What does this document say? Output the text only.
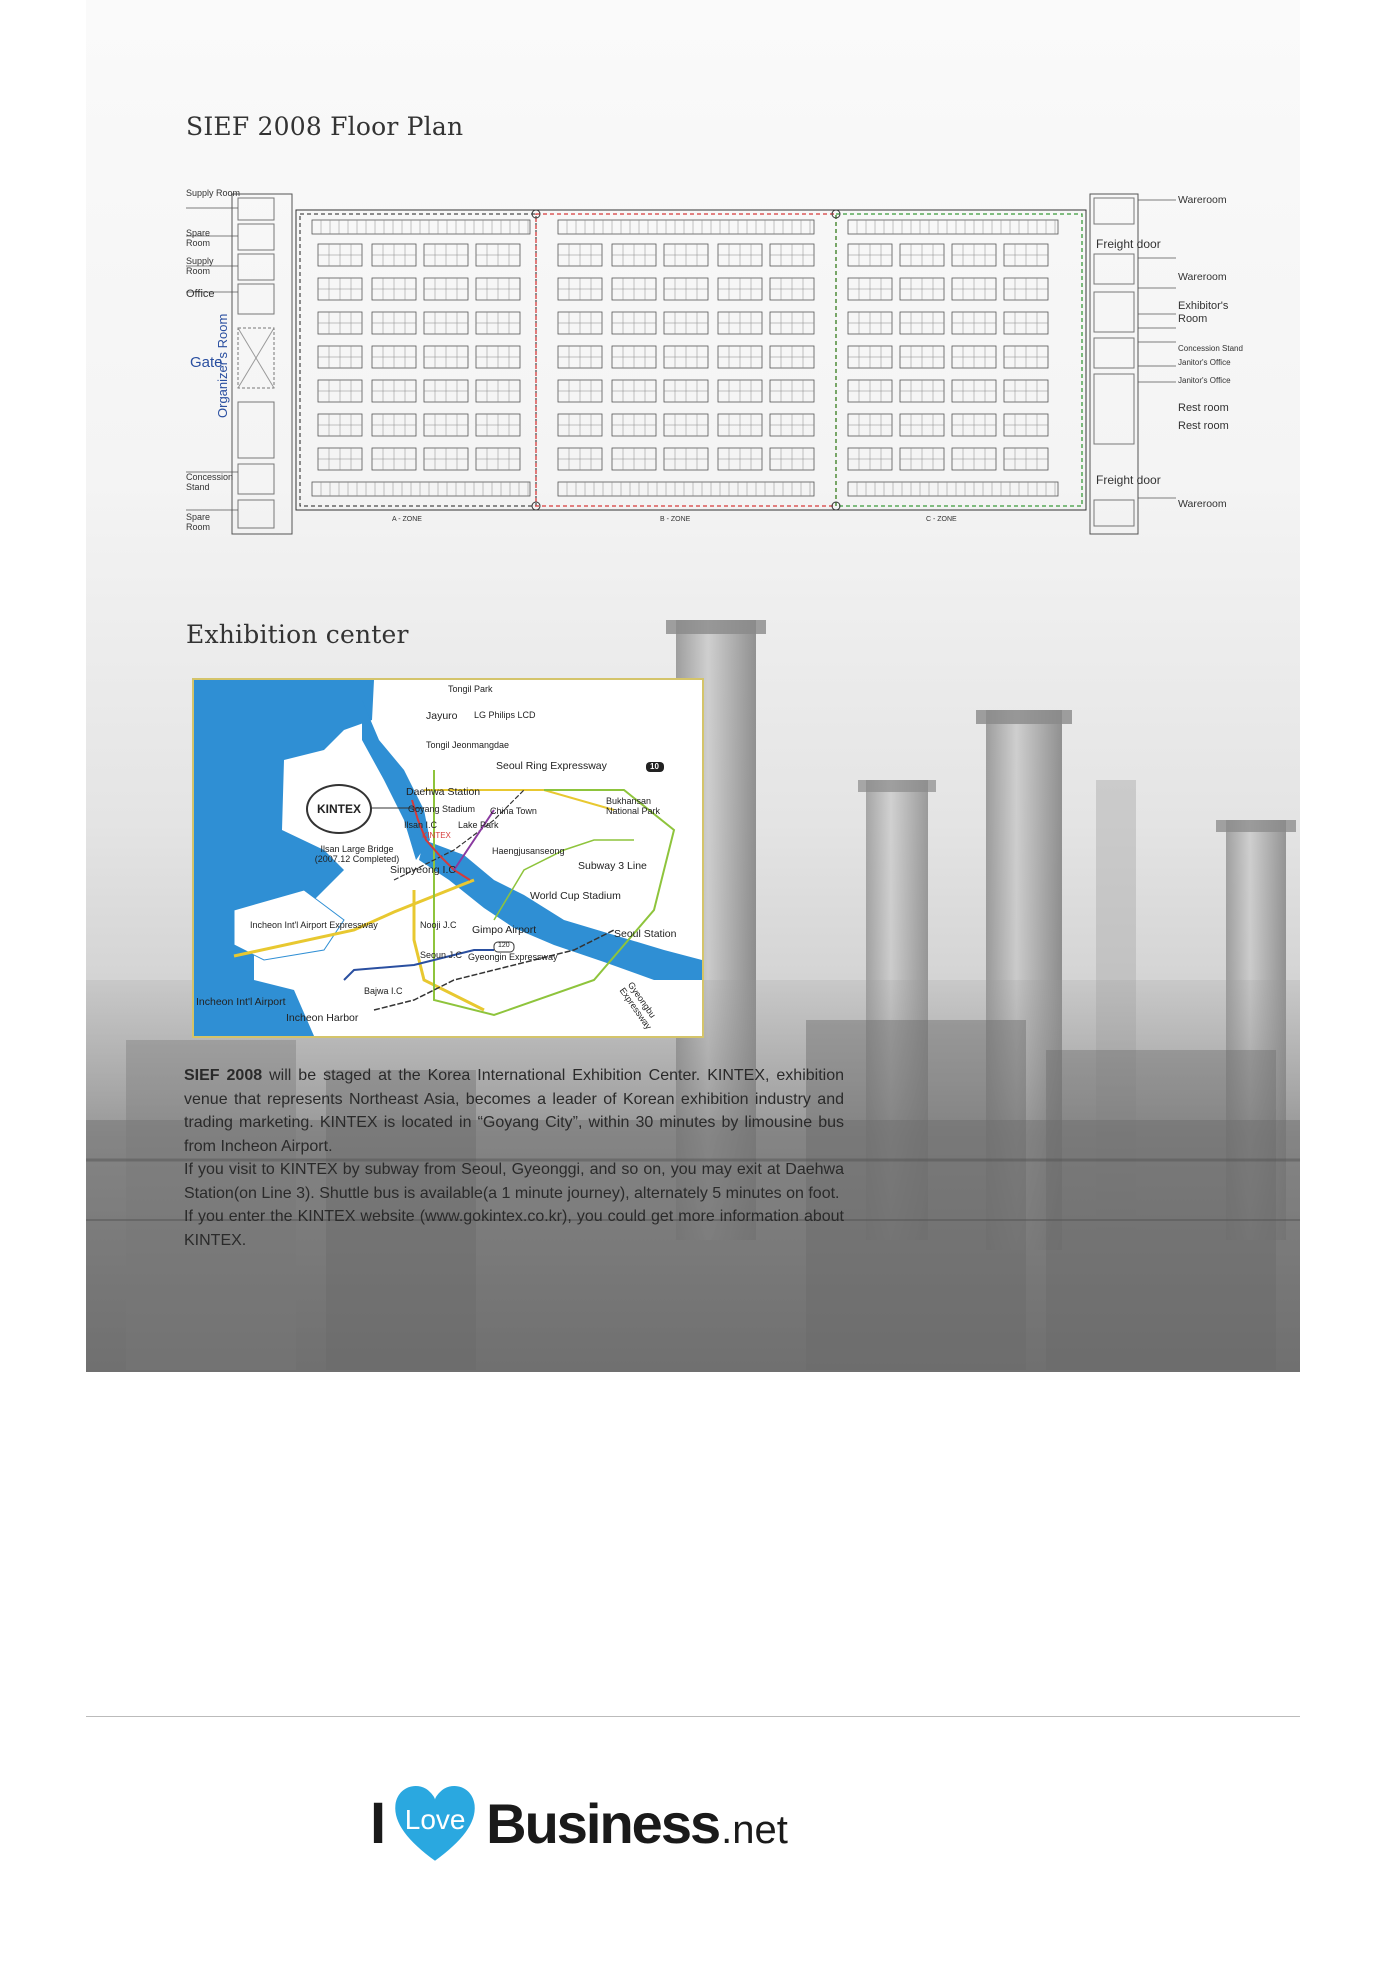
SIEF 2008 Floor Plan
Supply Room
Spare Room
Supply Room
Office
Gate
Organizer's Room
Concession Stand
Spare Room
A - ZONE	B - ZONE	C - ZONE
Wareroom
Freight door
Wareroom
Exhibitor's Room
Concession Stand
Janitor's Office
Janitor's Office
Rest room
Rest room
Freight door
Wareroom
Exhibition center
KINTEX
Tongil Park
Jayuro LG Philips LCD
Tongil Jeonmangdae
Seoul Ring Expressway	10
Daehwa Station
Goyang Stadium
Ilsan I.C Lake Park
China Town
KINTEX
Bukhansan National Park
Ilsan Large Bridge (2007.12 Completed)
Sinpyeong I.C
Haengjusanseong
Subway 3 Line
World Cup Stadium
Incheon Int'l Airport Expressway	Nooji J.C Gimpo Airport	Seoul Station
Seoun J.C Gyeongin Expressway
120
Bajwa I.C
Incheon Int'l Airport
Incheon Harbor	Gyeongbu Expressway

SIEF 2008 will be staged at the Korea International Exhibition Center. KINTEX, exhibition venue that represents Northeast Asia, becomes a leader of Korean exhibition industry and trading marketing. KINTEX is located in “Goyang City”, within 30 minutes by limousine bus from Incheon Airport.

If you visit to KINTEX by subway from Seoul, Gyeonggi, and so on, you may exit at Daehwa Station(on Line 3). Shuttle bus is available(a 1 minute journey), alternately 5 minutes on foot.

If you enter the KINTEX website (www.gokintex.co.kr), you could get more information about KINTEX.

I Love Business .net
